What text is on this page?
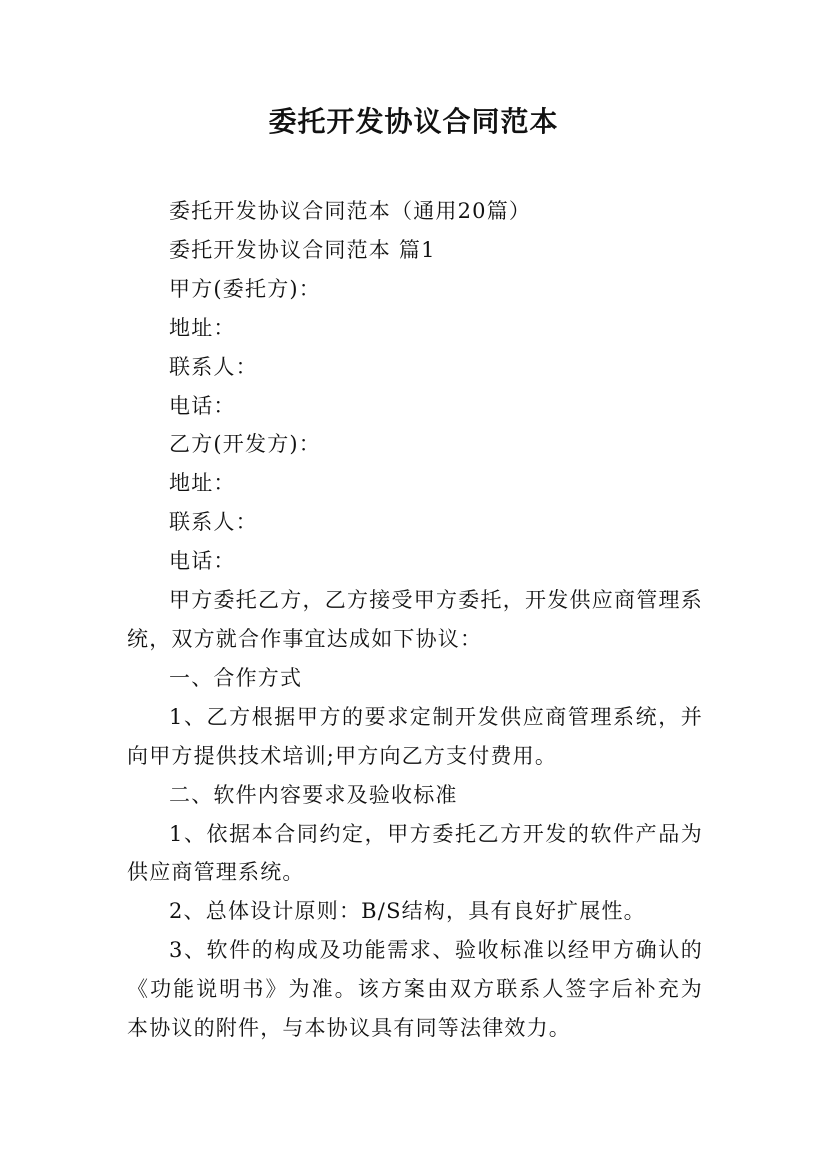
委托开发协议合同范本

委托开发协议合同范本（通用20篇）

委托开发协议合同范本 篇1

甲方(委托方)：

地址：

联系人：

电话：

乙方(开发方)：

地址：

联系人：

电话：

甲方委托乙方，乙方接受甲方委托，开发供应商管理系统，双方就合作事宜达成如下协议：

一、合作方式

1、乙方根据甲方的要求定制开发供应商管理系统，并向甲方提供技术培训;甲方向乙方支付费用。

二、软件内容要求及验收标准

1、依据本合同约定，甲方委托乙方开发的软件产品为供应商管理系统。

2、总体设计原则：B/S结构，具有良好扩展性。

3、软件的构成及功能需求、验收标准以经甲方确认的《功能说明书》为准。该方案由双方联系人签字后补充为本协议的附件，与本协议具有同等法律效力。
